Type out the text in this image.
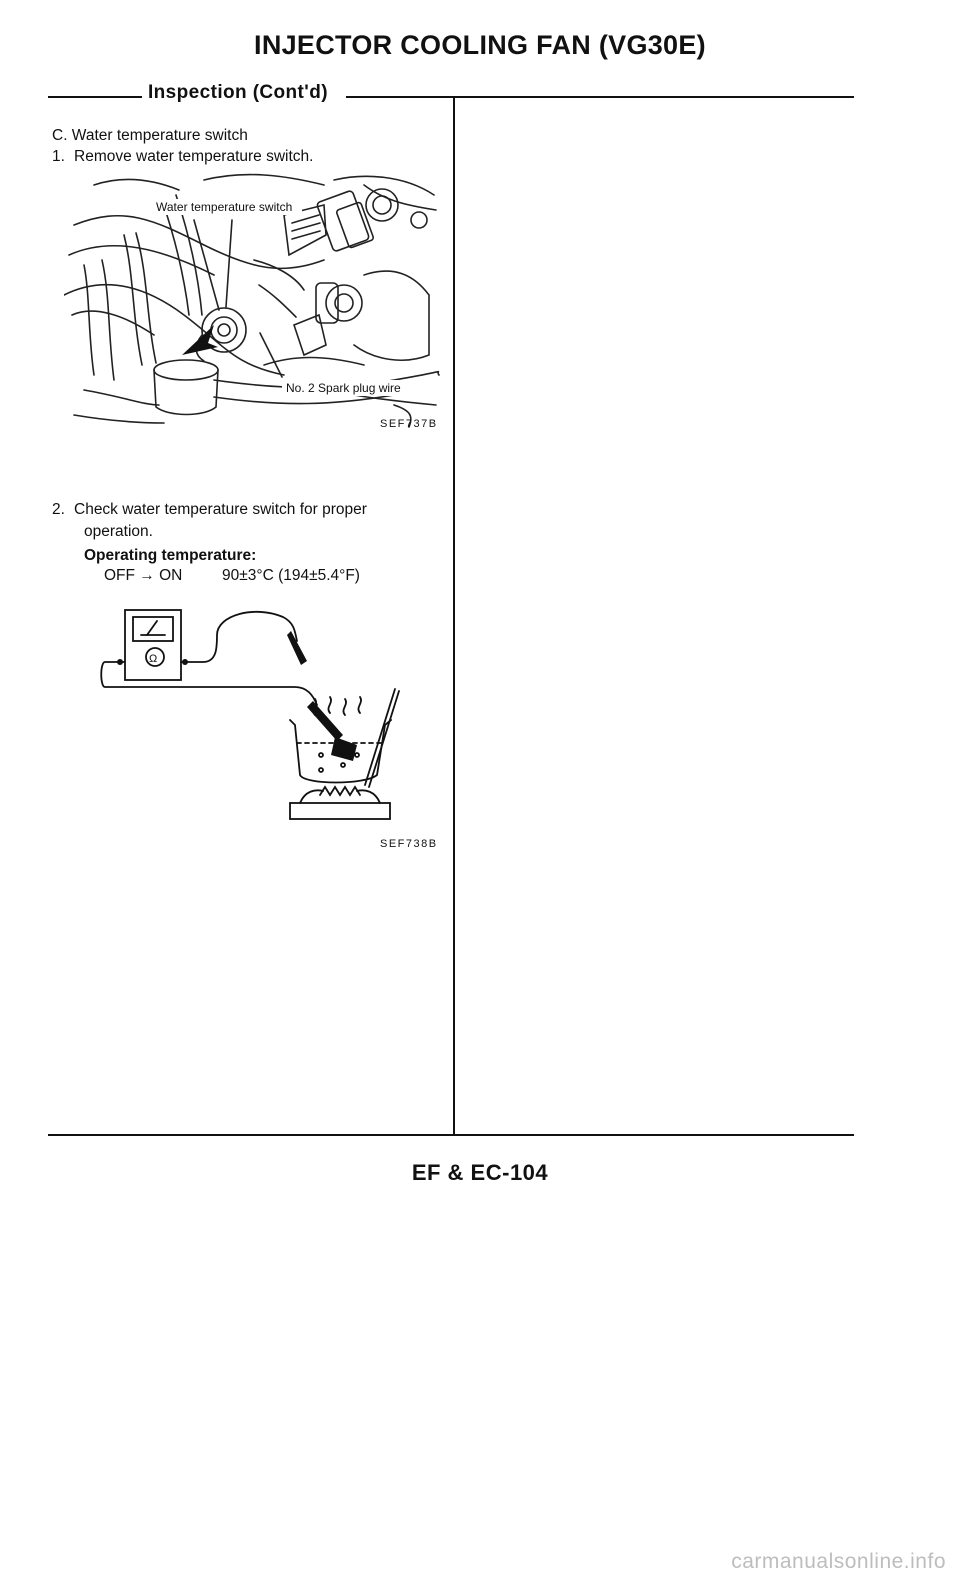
INJECTOR COOLING FAN (VG30E)
Inspection (Cont'd)
C. Water temperature switch
1. Remove water temperature switch.
Water temperature switch
No. 2 Spark plug wire
SEF737B
2. Check water temperature switch for proper
operation.
Operating temperature:
OFF → ON	90±3°C (194±5.4°F)
Ω
SEF738B
EF & EC-104
carmanualsonline.info
